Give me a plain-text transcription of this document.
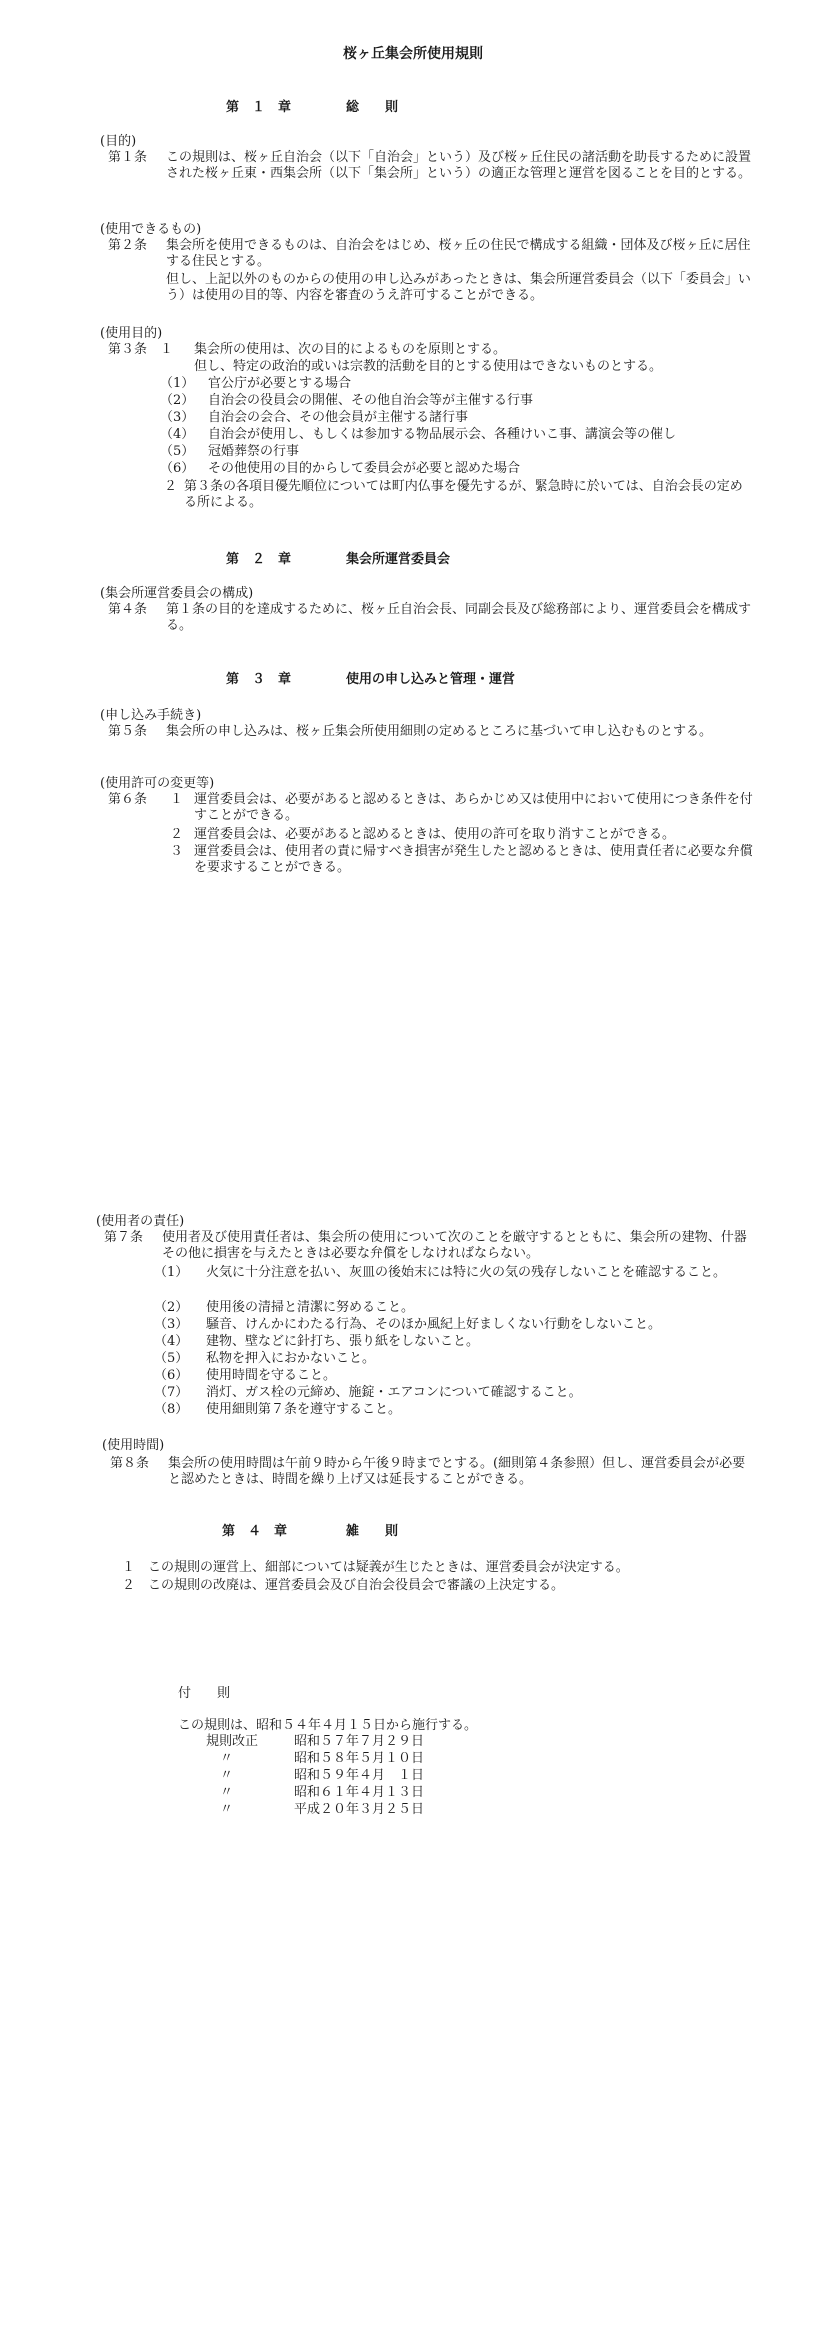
桜ヶ丘集会所使用規則
第　１　章	総　　則
(目的)
第１条 この規則は、桜ヶ丘自治会（以下「自治会」という）及び桜ヶ丘住民の諸活動を助長するために設置された桜ヶ丘東・西集会所（以下「集会所」という）の適正な管理と運営を図ることを目的とする。
(使用できるもの)
第２条 集会所を使用できるものは、自治会をはじめ、桜ヶ丘の住民で構成する組織・団体及び桜ヶ丘に居住する住民とする。
但し、上記以外のものからの使用の申し込みがあったときは、集会所運営委員会（以下「委員会」いう）は使用の目的等、内容を審査のうえ許可することができる。
(使用目的)
第３条　１ 集会所の使用は、次の目的によるものを原則とする。
但し、特定の政治的或いは宗教的活動を目的とする使用はできないものとする。
（1） 官公庁が必要とする場合
（2） 自治会の役員会の開催、その他自治会等が主催する行事
（3） 自治会の会合、その他会員が主催する諸行事
（4） 自治会が使用し、もしくは参加する物品展示会、各種けいこ事、講演会等の催し
（5） 冠婚葬祭の行事
（6） その他使用の目的からして委員会が必要と認めた場合
２ 第３条の各項目優先順位については町内仏事を優先するが、緊急時に於いては、自治会長の定める所による。
第　２　章	集会所運営委員会
(集会所運営委員会の構成)
第４条 第１条の目的を達成するために、桜ヶ丘自治会長、同副会長及び総務部により、運営委員会を構成する。
第　３　章	使用の申し込みと管理・運営
(申し込み手続き)
第５条 集会所の申し込みは、桜ヶ丘集会所使用細則の定めるところに基づいて申し込むものとする。
(使用許可の変更等)
第６条 １ 運営委員会は、必要があると認めるときは、あらかじめ又は使用中において使用につき条件を付すことができる。
２ 運営委員会は、必要があると認めるときは、使用の許可を取り消すことができる。
３ 運営委員会は、使用者の責に帰すべき損害が発生したと認めるときは、使用責任者に必要な弁償を要求することができる。
(使用者の責任)
第７条 使用者及び使用責任者は、集会所の使用について次のことを厳守するとともに、集会所の建物、什器その他に損害を与えたときは必要な弁償をしなければならない。
（1） 火気に十分注意を払い、灰皿の後始末には特に火の気の残存しないことを確認すること。
（2） 使用後の清掃と清潔に努めること。
（3） 騒音、けんかにわたる行為、そのほか風紀上好ましくない行動をしないこと。
（4） 建物、壁などに針打ち、張り紙をしないこと。
（5） 私物を押入におかないこと。
（6） 使用時間を守ること。
（7） 消灯、ガス栓の元締め、施錠・エアコンについて確認すること。
（8） 使用細則第７条を遵守すること。
(使用時間)
第８条 集会所の使用時間は午前９時から午後９時までとする。(細則第４条参照）但し、運営委員会が必要と認めたときは、時間を繰り上げ又は延長することができる。
第　４　章	雑　　則
１ この規則の運営上、細部については疑義が生じたときは、運営委員会が決定する。
２ この規則の改廃は、運営委員会及び自治会役員会で審議の上決定する。
付　　則
この規則は、昭和５４年４月１５日から施行する。
規則改正	昭和５７年７月２９日
〃	昭和５８年５月１０日
〃	昭和５９年４月　１日
〃	昭和６１年４月１３日
〃	平成２０年３月２５日
